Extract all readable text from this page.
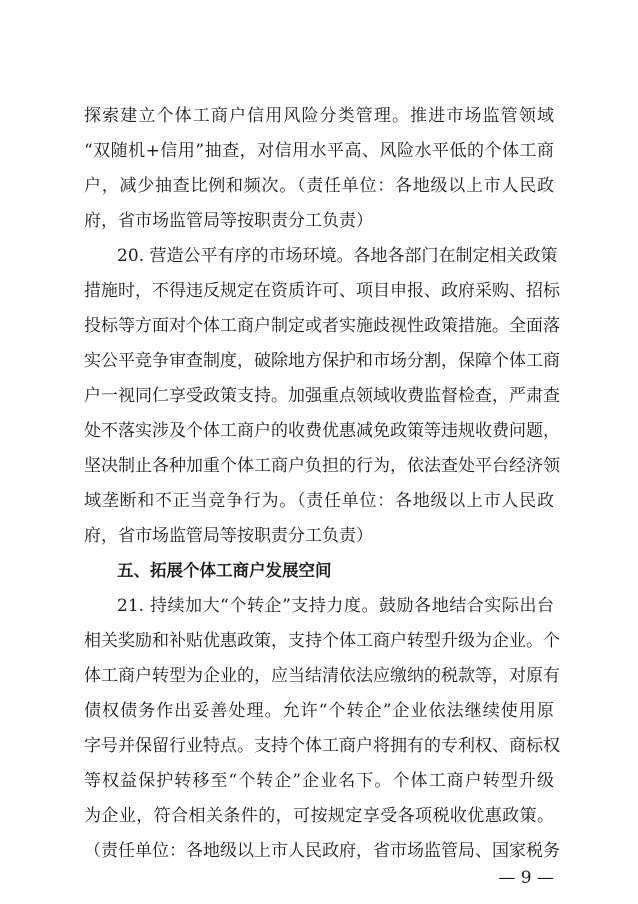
探索建立个体工商户信用风险分类管理。推进市场监管领域
“双随机+信用”抽查，对信用水平高、风险水平低的个体工商
户，减少抽查比例和频次。（责任单位：各地级以上市人民政
府，省市场监管局等按职责分工负责）
20. 营造公平有序的市场环境。各地各部门在制定相关政策
措施时，不得违反规定在资质许可、项目申报、政府采购、招标
投标等方面对个体工商户制定或者实施歧视性政策措施。全面落
实公平竞争审查制度，破除地方保护和市场分割，保障个体工商
户一视同仁享受政策支持。加强重点领域收费监督检查，严肃查
处不落实涉及个体工商户的收费优惠减免政策等违规收费问题，
坚决制止各种加重个体工商户负担的行为，依法查处平台经济领
域垄断和不正当竞争行为。（责任单位：各地级以上市人民政
府，省市场监管局等按职责分工负责）
五、拓展个体工商户发展空间
21. 持续加大“个转企”支持力度。鼓励各地结合实际出台
相关奖励和补贴优惠政策，支持个体工商户转型升级为企业。个
体工商户转型为企业的，应当结清依法应缴纳的税款等，对原有
债权债务作出妥善处理。允许“个转企”企业依法继续使用原
字号并保留行业特点。支持个体工商户将拥有的专利权、商标权
等权益保护转移至“个转企”企业名下。个体工商户转型升级
为企业，符合相关条件的，可按规定享受各项税收优惠政策。
（责任单位：各地级以上市人民政府，省市场监管局、国家税务
— 9 —
